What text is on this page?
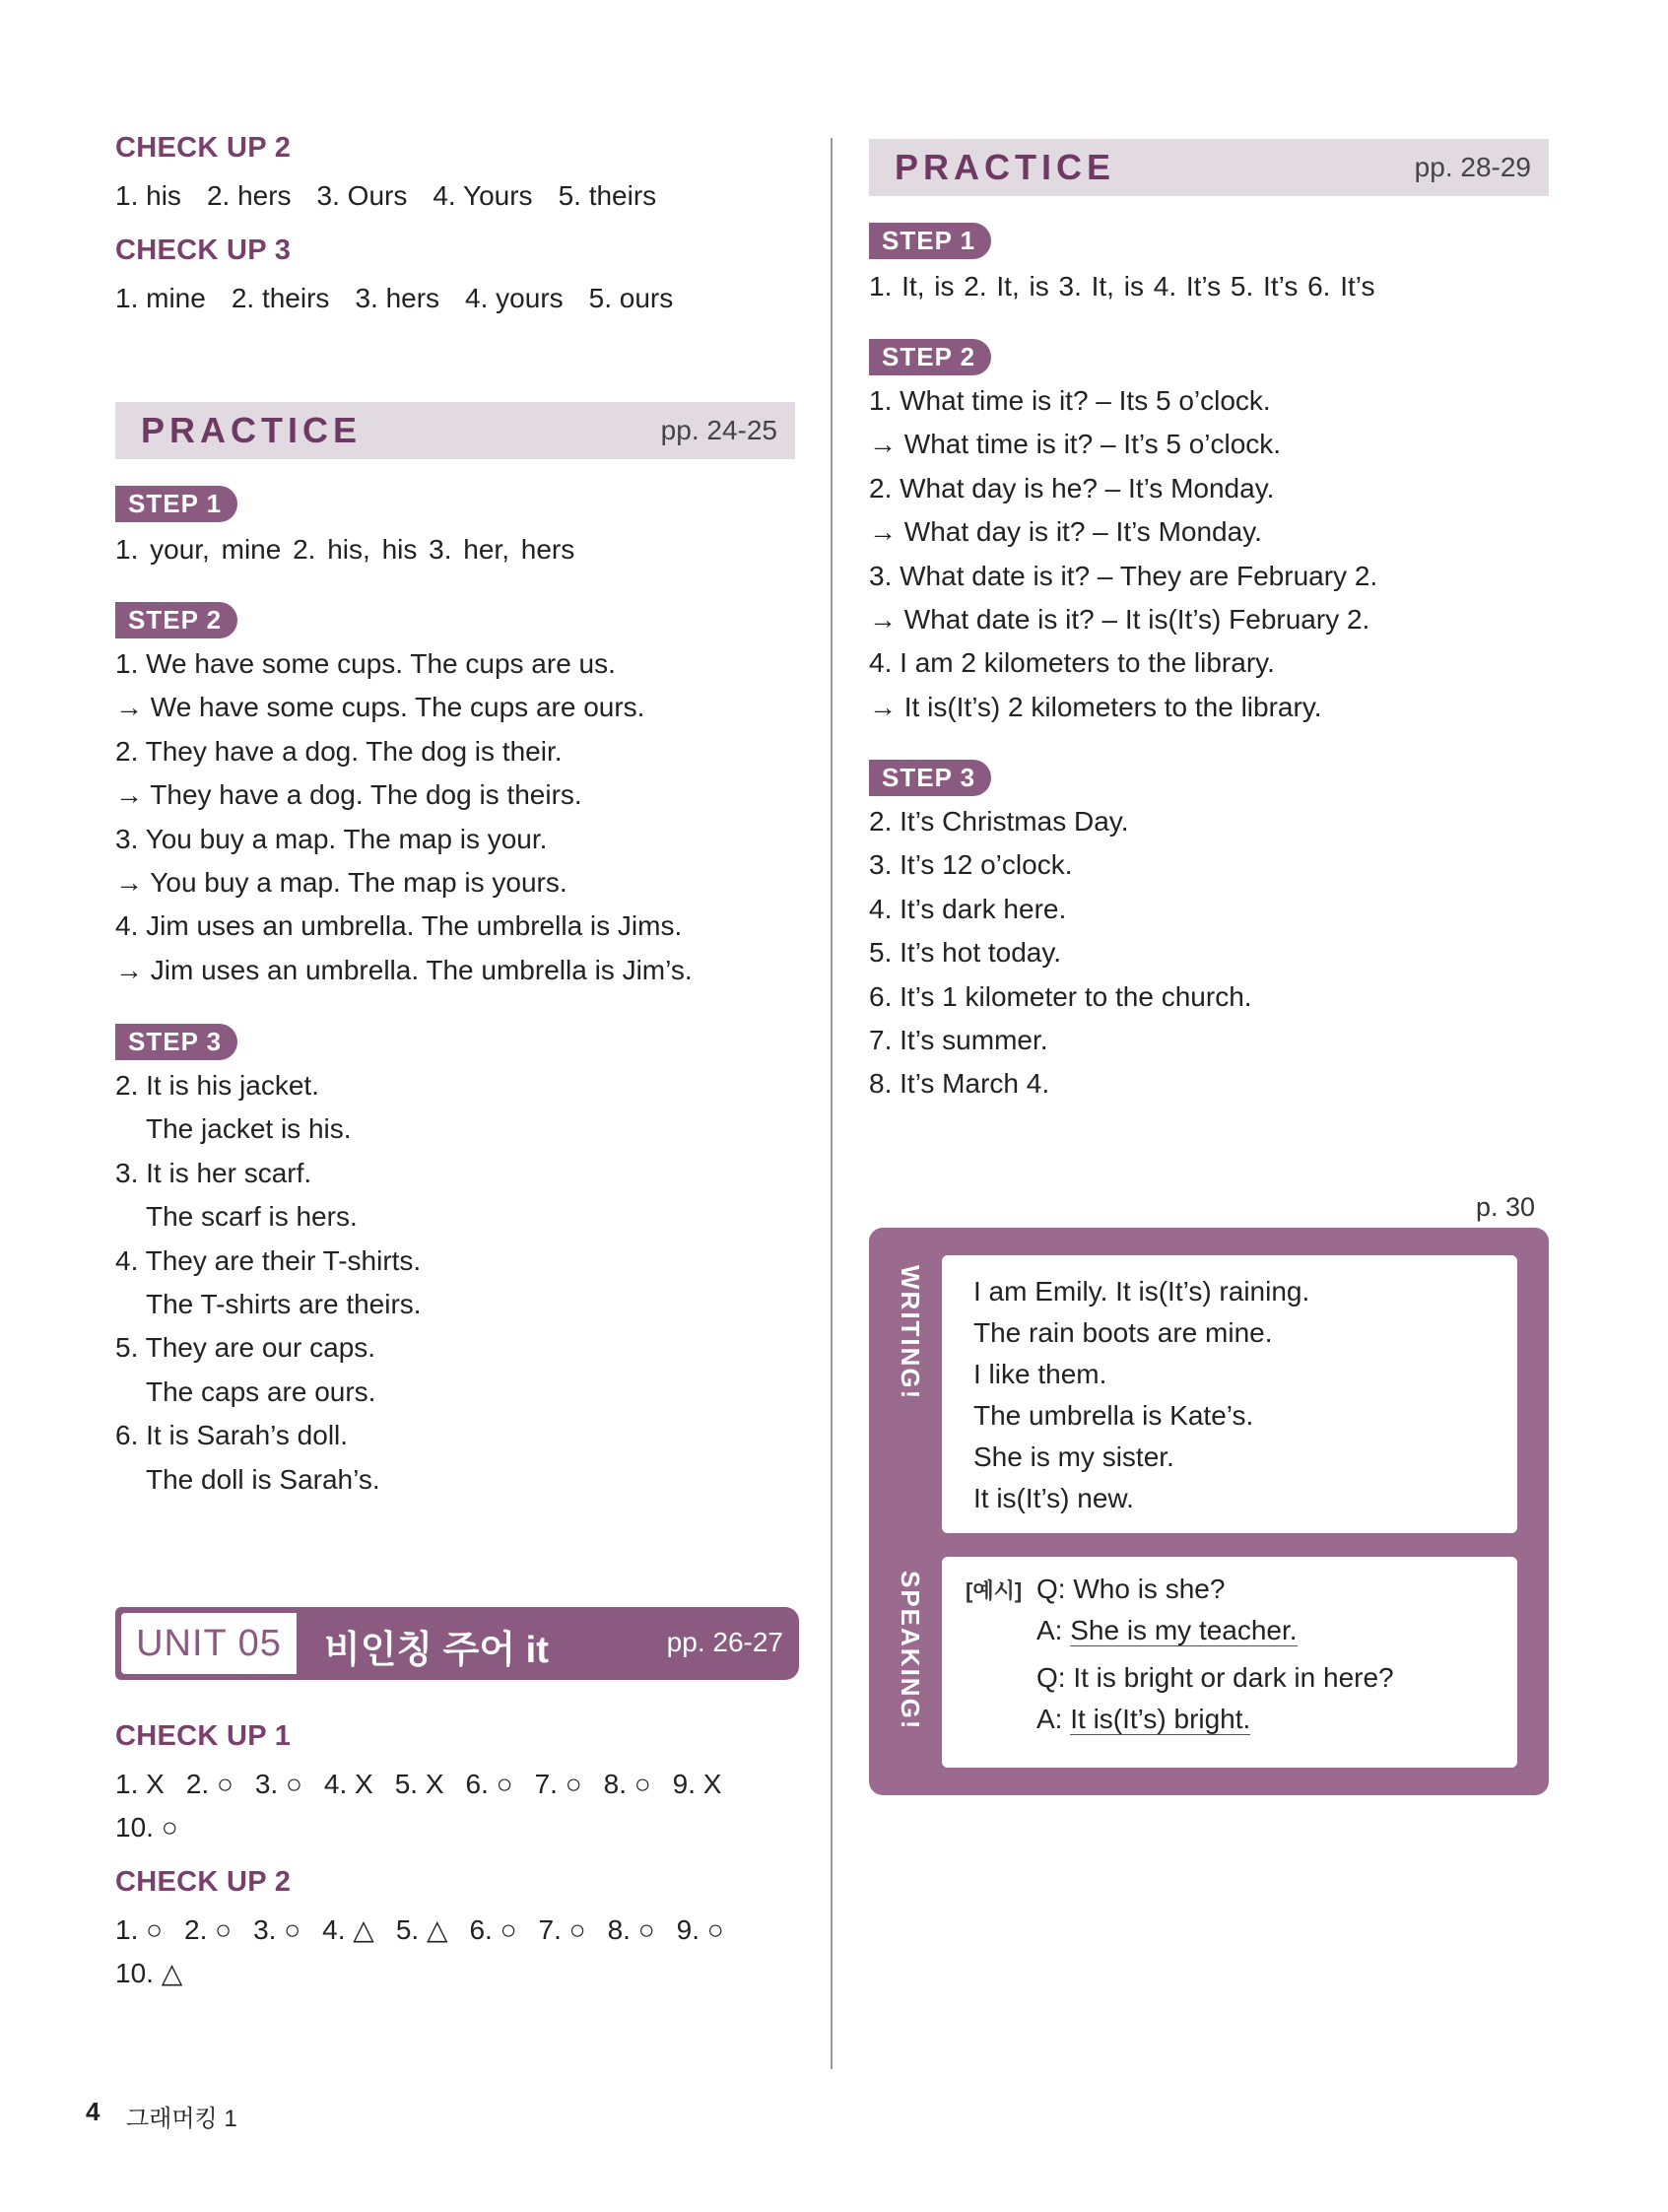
CHECK UP 2
1. his 2. hers 3. Ours 4. Yours 5. theirs
CHECK UP 3
1. mine 2. theirs 3. hers 4. yours 5. ours
PRACTICE	pp. 24-25
STEP 1
1. your, mine 2. his, his 3. her, hers
STEP 2
1. We have some cups. The cups are us.
→ We have some cups. The cups are ours.
2. They have a dog. The dog is their.
→ They have a dog. The dog is theirs.
3. You buy a map. The map is your.
→ You buy a map. The map is yours.
4. Jim uses an umbrella. The umbrella is Jims.
→ Jim uses an umbrella. The umbrella is Jim’s.
STEP 3
2. It is his jacket.
The jacket is his.
3. It is her scarf.
The scarf is hers.
4. They are their T-shirts.
The T-shirts are theirs.
5. They are our caps.
The caps are ours.
6. It is Sarah’s doll.
The doll is Sarah’s.
UNIT 05	비인칭 주어 it	pp. 26-27
CHECK UP 1
1. X 2. ○ 3. ○ 4. X 5. X 6. ○ 7. ○ 8. ○ 9. X
10. ○
CHECK UP 2
1. ○ 2. ○ 3. ○ 4. △ 5. △ 6. ○ 7. ○ 8. ○ 9. ○
10. △
PRACTICE	pp. 28-29
STEP 1
1. It, is 2. It, is 3. It, is 4. It’s 5. It’s 6. It’s
STEP 2
1. What time is it? – Its 5 o’clock.
→ What time is it? – It’s 5 o’clock.
2. What day is he? – It’s Monday.
→ What day is it? – It’s Monday.
3. What date is it? – They are February 2.
→ What date is it? – It is(It’s) February 2.
4. I am 2 kilometers to the library.
→ It is(It’s) 2 kilometers to the library.
STEP 3
2. It’s Christmas Day.
3. It’s 12 o’clock.
4. It’s dark here.
5. It’s hot today.
6. It’s 1 kilometer to the church.
7. It’s summer.
8. It’s March 4.
p. 30
WRITING! I am Emily. It is(It’s) raining.
The rain boots are mine.
I like them.
The umbrella is Kate’s.
She is my sister.
It is(It’s) new.
SPEAKING! [예시] Q: Who is she?
A: She is my teacher.
Q: It is bright or dark in here?
A: It is(It’s) bright.
4 그래머킹 1
